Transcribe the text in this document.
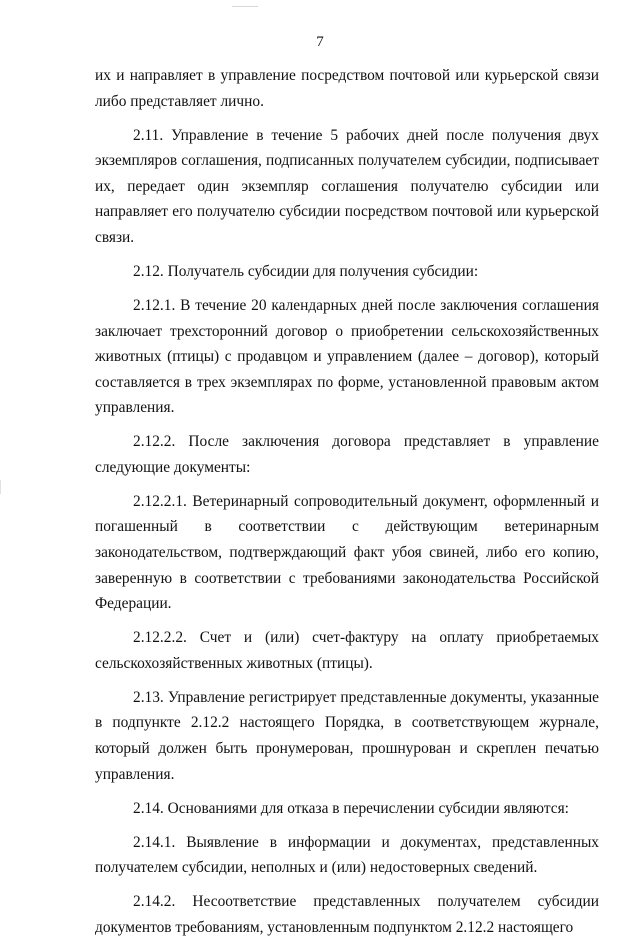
7

их и направляет в управление посредством почтовой или курьерской связи либо представляет лично.

2.11. Управление в течение 5 рабочих дней после получения двух экземпляров соглашения, подписанных получателем субсидии, подписывает их, передает один экземпляр соглашения получателю субсидии или направляет его получателю субсидии посредством почтовой или курьерской связи.

2.12. Получатель субсидии для получения субсидии:

2.12.1. В течение 20 календарных дней после заключения соглашения заключает трехсторонний договор о приобретении сельскохозяйственных животных (птицы) с продавцом и управлением (далее – договор), который составляется в трех экземплярах по форме, установленной правовым актом управления.

2.12.2. После заключения договора представляет в управление следующие документы:

2.12.2.1. Ветеринарный сопроводительный документ, оформленный и погашенный в соответствии с действующим ветеринарным законодательством, подтверждающий факт убоя свиней, либо его копию, заверенную в соответствии с требованиями законодательства Российской Федерации.

2.12.2.2. Счет и (или) счет-фактуру на оплату приобретаемых сельскохозяйственных животных (птицы).

2.13. Управление регистрирует представленные документы, указанные в подпункте 2.12.2 настоящего Порядка, в соответствующем журнале, который должен быть пронумерован, прошнурован и скреплен печатью управления.

2.14. Основаниями для отказа в перечислении субсидии являются:

2.14.1. Выявление в информации и документах, представленных получателем субсидии, неполных и (или) недостоверных сведений.

2.14.2. Несоответствие представленных получателем субсидии документов требованиям, установленным подпунктом 2.12.2 настоящего
